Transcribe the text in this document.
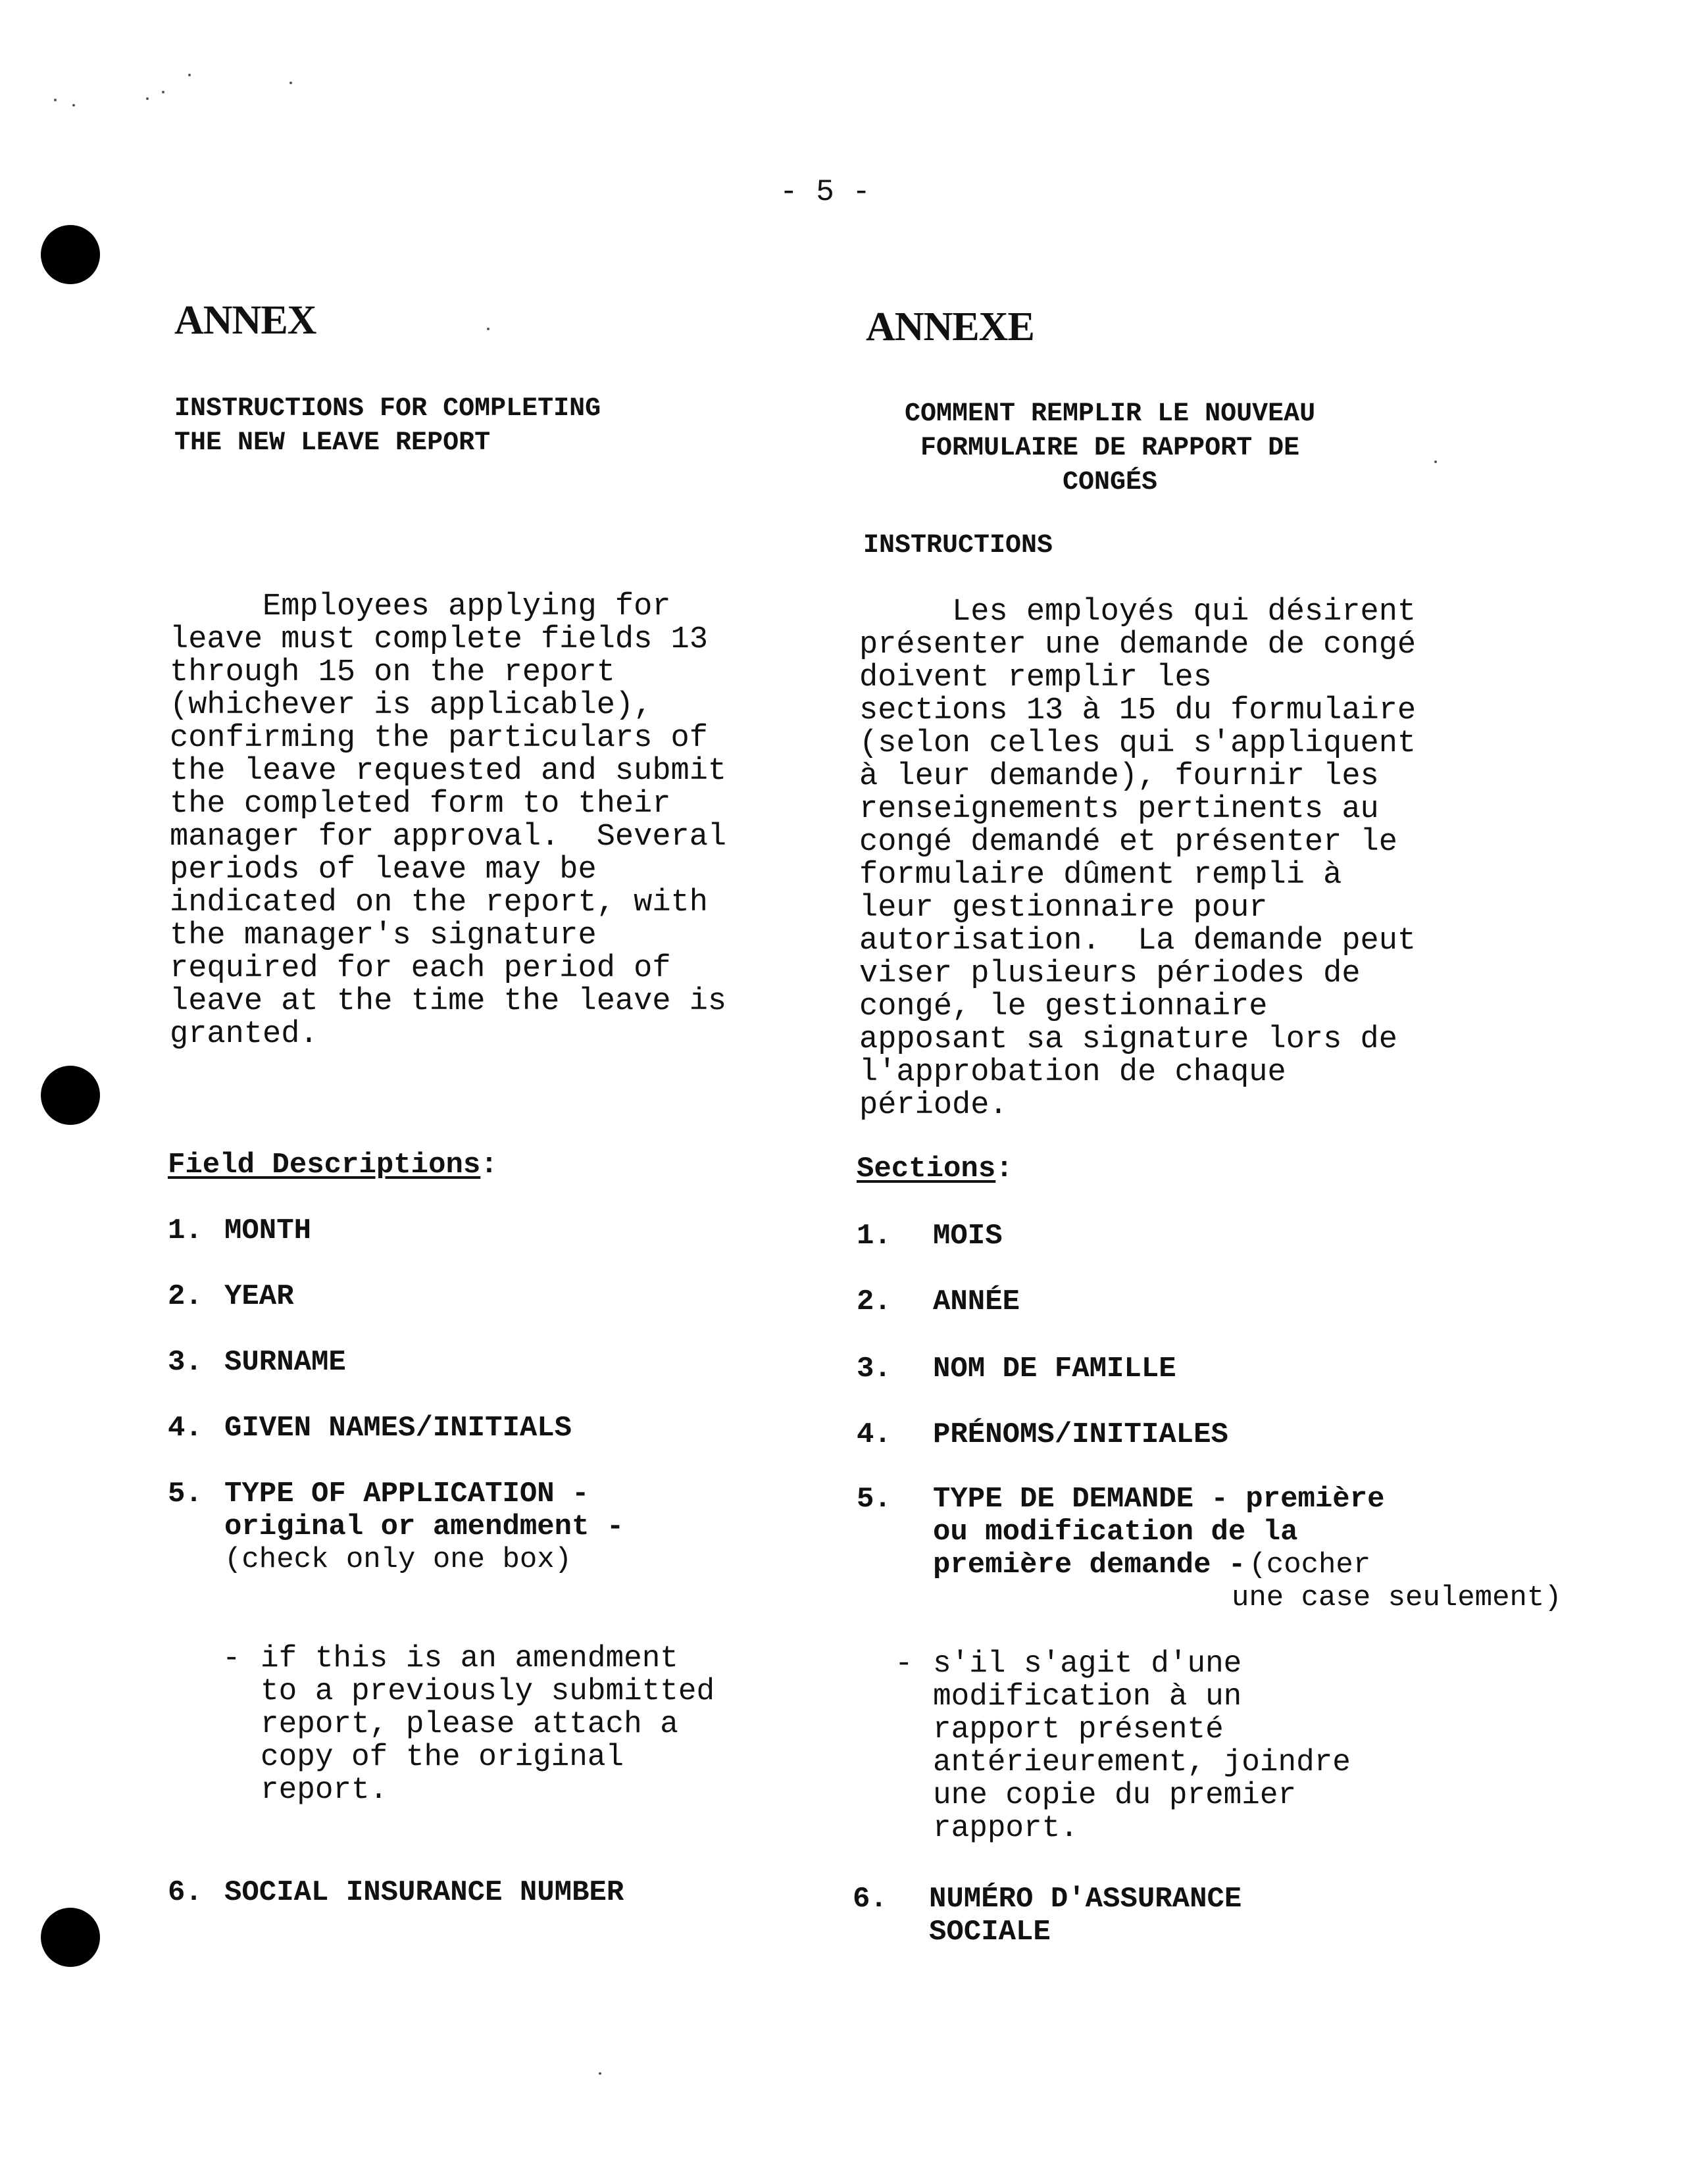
- 5 -
ANNEX
INSTRUCTIONS FOR COMPLETING
THE NEW LEAVE REPORT
Employees applying for
leave must complete fields 13
through 15 on the report
(whichever is applicable),
confirming the particulars of
the leave requested and submit
the completed form to their
manager for approval.  Several
periods of leave may be
indicated on the report, with
the manager's signature
required for each period of
leave at the time the leave is
granted.
Field Descriptions:
1. MONTH
2. YEAR
3. SURNAME
4. GIVEN NAMES/INITIALS
5. TYPE OF APPLICATION -
original or amendment -
(check only one box)

-

if this is an amendment
to a previously submitted
report, please attach a
copy of the original
report.

6. SOCIAL INSURANCE NUMBER
ANNEXE
COMMENT REMPLIR LE NOUVEAU
FORMULAIRE DE RAPPORT DE
CONGÉS
INSTRUCTIONS
Les employés qui désirent
présenter une demande de congé
doivent remplir les
sections 13 à 15 du formulaire
(selon celles qui s'appliquent
à leur demande), fournir les
renseignements pertinents au
congé demandé et présenter le
formulaire dûment rempli à
leur gestionnaire pour
autorisation.  La demande peut
viser plusieurs périodes de
congé, le gestionnaire
apposant sa signature lors de
l'approbation de chaque
période.
Sections:
1. MOIS
2. ANNÉE
3. NOM DE FAMILLE
4. PRÉNOMS/INITIALES
5. TYPE DE DEMANDE - première
ou modification de la
première demande - (cocher
une case seulement)

-

s'il s'agit d'une
modification à un
rapport présenté
antérieurement, joindre
une copie du premier
rapport.

6. NUMÉRO D'ASSURANCE
SOCIALE
